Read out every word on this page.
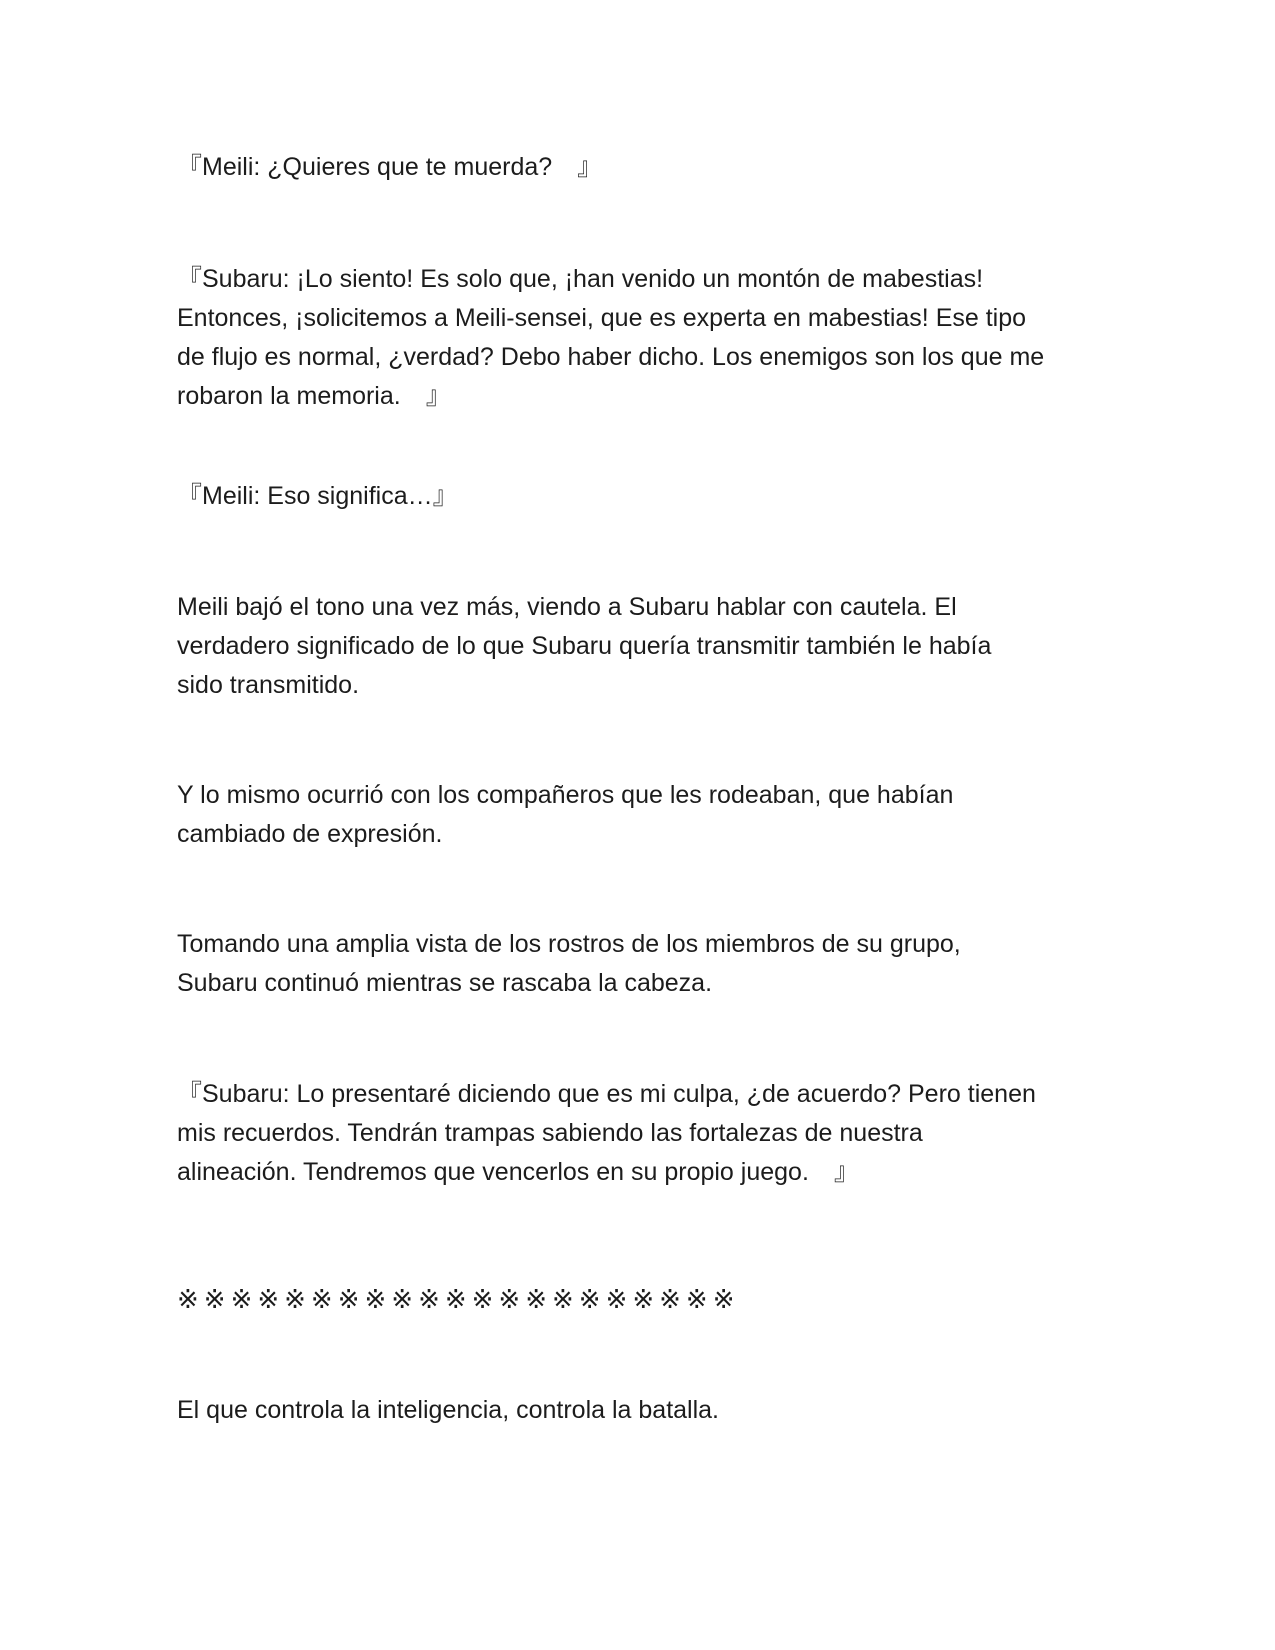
『Meili: ¿Quieres que te muerda?　』

『Subaru: ¡Lo siento! Es solo que, ¡han venido un montón de mabestias!
Entonces, ¡solicitemos a Meili-sensei, que es experta en mabestias! Ese tipo
de flujo es normal, ¿verdad? Debo haber dicho. Los enemigos son los que me
robaron la memoria.　』

『Meili: Eso significa…』

Meili bajó el tono una vez más, viendo a Subaru hablar con cautela. El
verdadero significado de lo que Subaru quería transmitir también le había
sido transmitido.

Y lo mismo ocurrió con los compañeros que les rodeaban, que habían
cambiado de expresión.

Tomando una amplia vista de los rostros de los miembros de su grupo,
Subaru continuó mientras se rascaba la cabeza.

『Subaru: Lo presentaré diciendo que es mi culpa, ¿de acuerdo? Pero tienen
mis recuerdos. Tendrán trampas sabiendo las fortalezas de nuestra
alineación. Tendremos que vencerlos en su propio juego.　』

※※※※※※※※※※※※※※※※※※※※※

El que controla la inteligencia, controla la batalla.
